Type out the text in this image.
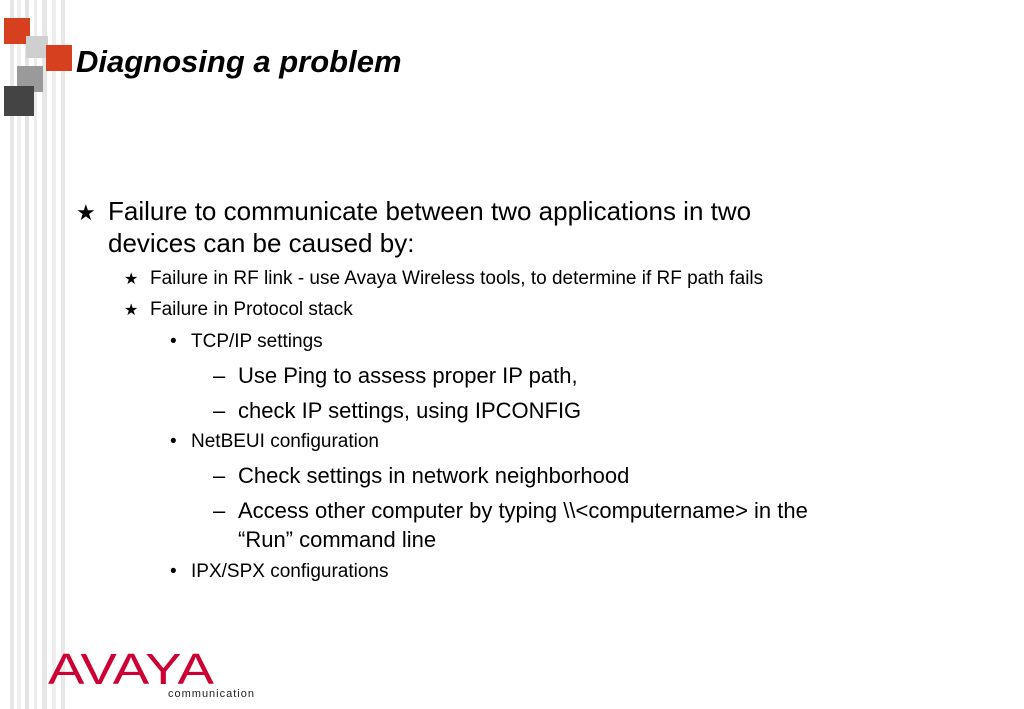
Diagnosing a problem
★ Failure to communicate between two applications in two
devices can be caused by:
★ Failure in RF link - use Avaya Wireless tools, to determine if RF path fails
★ Failure in Protocol stack
• TCP/IP settings
– Use Ping to assess proper IP path,
– check IP settings, using IPCONFIG
• NetBEUI configuration
– Check settings in network neighborhood
– Access other computer by typing \\<computername> in the
“Run” command line
• IPX/SPX configurations
AVAYA
communication
